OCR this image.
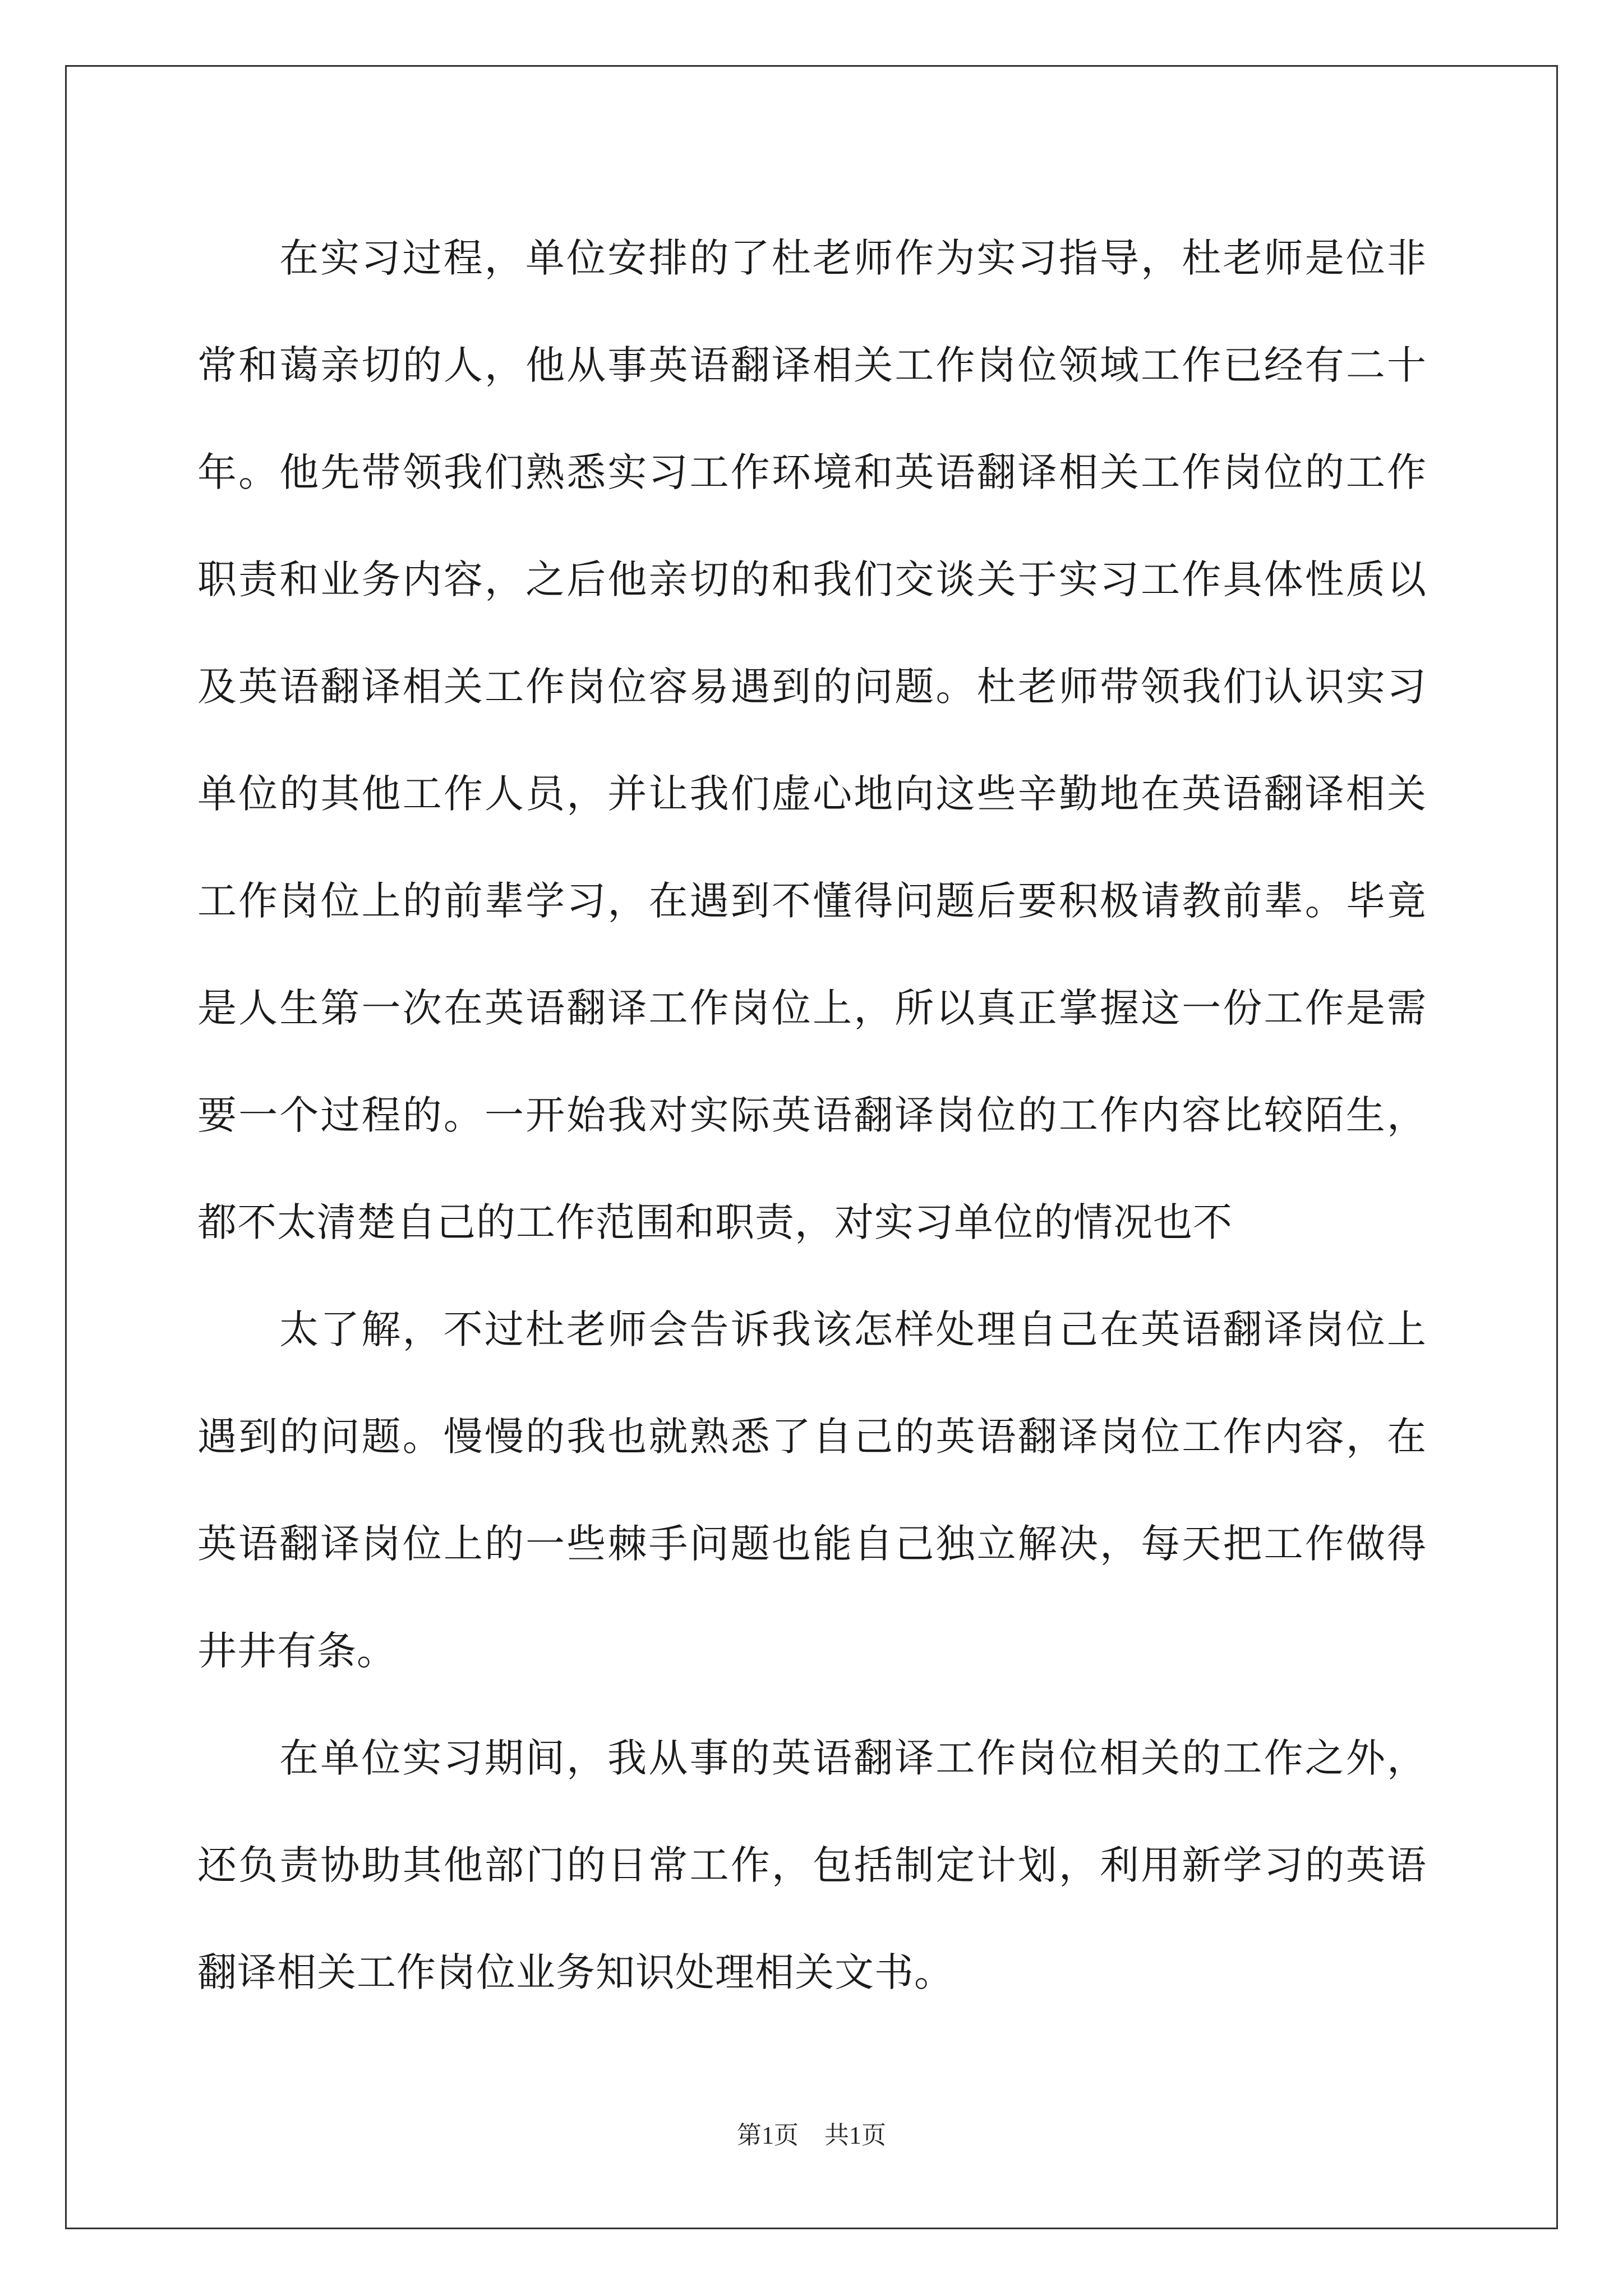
在实习过程，单位安排的了杜老师作为实习指导，杜老师是位非常和蔼亲切的人，他从事英语翻译相关工作岗位领域工作已经有二十年。他先带领我们熟悉实习工作环境和英语翻译相关工作岗位的工作职责和业务内容，之后他亲切的和我们交谈关于实习工作具体性质以及英语翻译相关工作岗位容易遇到的问题。杜老师带领我们认识实习单位的其他工作人员，并让我们虚心地向这些辛勤地在英语翻译相关工作岗位上的前辈学习，在遇到不懂得问题后要积极请教前辈。毕竟是人生第一次在英语翻译工作岗位上，所以真正掌握这一份工作是需要一个过程的。一开始我对实际英语翻译岗位的工作内容比较陌生，都不太清楚自己的工作范围和职责，对实习单位的情况也不

太了解，不过杜老师会告诉我该怎样处理自己在英语翻译岗位上遇到的问题。慢慢的我也就熟悉了自己的英语翻译岗位工作内容，在英语翻译岗位上的一些棘手问题也能自己独立解决，每天把工作做得井井有条。

在单位实习期间，我从事的英语翻译工作岗位相关的工作之外，还负责协助其他部门的日常工作，包括制定计划，利用新学习的英语翻译相关工作岗位业务知识处理相关文书。

第1页 共1页
